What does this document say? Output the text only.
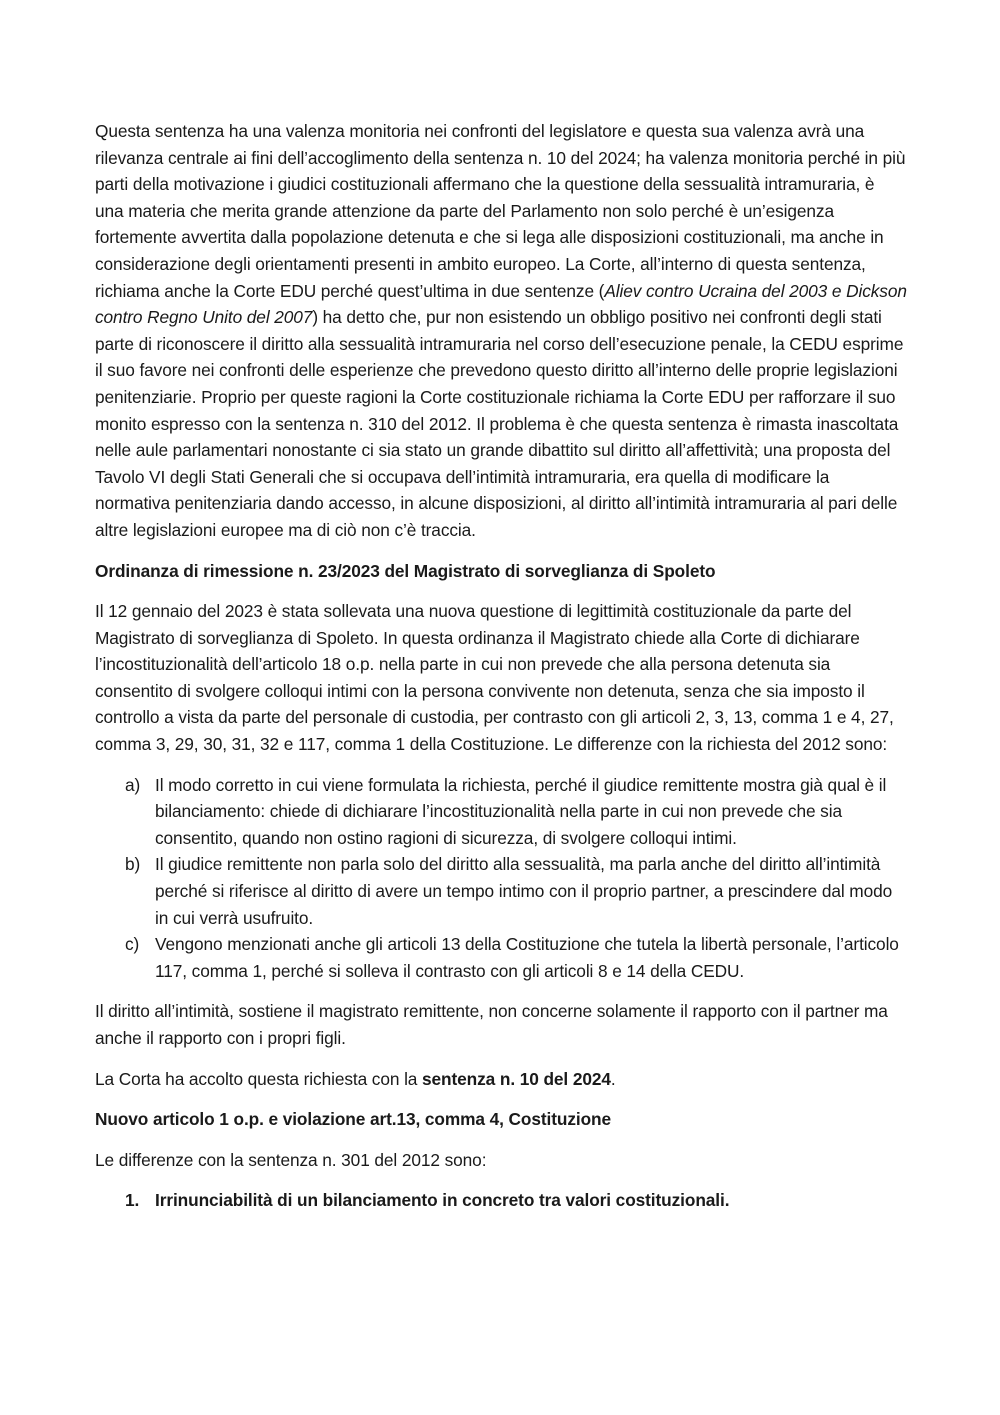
Questa sentenza ha una valenza monitoria nei confronti del legislatore e questa sua valenza avrà una rilevanza centrale ai fini dell’accoglimento della sentenza n. 10 del 2024; ha valenza monitoria perché in più parti della motivazione i giudici costituzionali affermano che la questione della sessualità intramuraria, è una materia che merita grande attenzione da parte del Parlamento non solo perché è un’esigenza fortemente avvertita dalla popolazione detenuta e che si lega alle disposizioni costituzionali, ma anche in considerazione degli orientamenti presenti in ambito europeo. La Corte, all’interno di questa sentenza, richiama anche la Corte EDU perché quest’ultima in due sentenze (Aliev contro Ucraina del 2003 e Dickson contro Regno Unito del 2007) ha detto che, pur non esistendo un obbligo positivo nei confronti degli stati parte di riconoscere il diritto alla sessualità intramuraria nel corso dell’esecuzione penale, la CEDU esprime il suo favore nei confronti delle esperienze che prevedono questo diritto all’interno delle proprie legislazioni penitenziarie. Proprio per queste ragioni la Corte costituzionale richiama la Corte EDU per rafforzare il suo monito espresso con la sentenza n. 310 del 2012. Il problema è che questa sentenza è rimasta inascoltata nelle aule parlamentari nonostante ci sia stato un grande dibattito sul diritto all’affettività; una proposta del Tavolo VI degli Stati Generali che si occupava dell’intimità intramuraria, era quella di modificare la normativa penitenziaria dando accesso, in alcune disposizioni, al diritto all’intimità intramuraria al pari delle altre legislazioni europee ma di ciò non c’è traccia.

Ordinanza di rimessione n. 23/2023 del Magistrato di sorveglianza di Spoleto

Il 12 gennaio del 2023 è stata sollevata una nuova questione di legittimità costituzionale da parte del Magistrato di sorveglianza di Spoleto. In questa ordinanza il Magistrato chiede alla Corte di dichiarare l’incostituzionalità dell’articolo 18 o.p. nella parte in cui non prevede che alla persona detenuta sia consentito di svolgere colloqui intimi con la persona convivente non detenuta, senza che sia imposto il controllo a vista da parte del personale di custodia, per contrasto con gli articoli 2, 3, 13, comma 1 e 4, 27, comma 3, 29, 30, 31, 32 e 117, comma 1 della Costituzione. Le differenze con la richiesta del 2012 sono:

a) Il modo corretto in cui viene formulata la richiesta, perché il giudice remittente mostra già qual è il bilanciamento: chiede di dichiarare l’incostituzionalità nella parte in cui non prevede che sia consentito, quando non ostino ragioni di sicurezza, di svolgere colloqui intimi.
b) Il giudice remittente non parla solo del diritto alla sessualità, ma parla anche del diritto all’intimità perché si riferisce al diritto di avere un tempo intimo con il proprio partner, a prescindere dal modo in cui verrà usufruito.
c) Vengono menzionati anche gli articoli 13 della Costituzione che tutela la libertà personale, l’articolo 117, comma 1, perché si solleva il contrasto con gli articoli 8 e 14 della CEDU.

Il diritto all’intimità, sostiene il magistrato remittente, non concerne solamente il rapporto con il partner ma anche il rapporto con i propri figli.

La Corta ha accolto questa richiesta con la sentenza n. 10 del 2024.

Nuovo articolo 1 o.p. e violazione art.13, comma 4, Costituzione

Le differenze con la sentenza n. 301 del 2012 sono:

1. Irrinunciabilità di un bilanciamento in concreto tra valori costituzionali.
